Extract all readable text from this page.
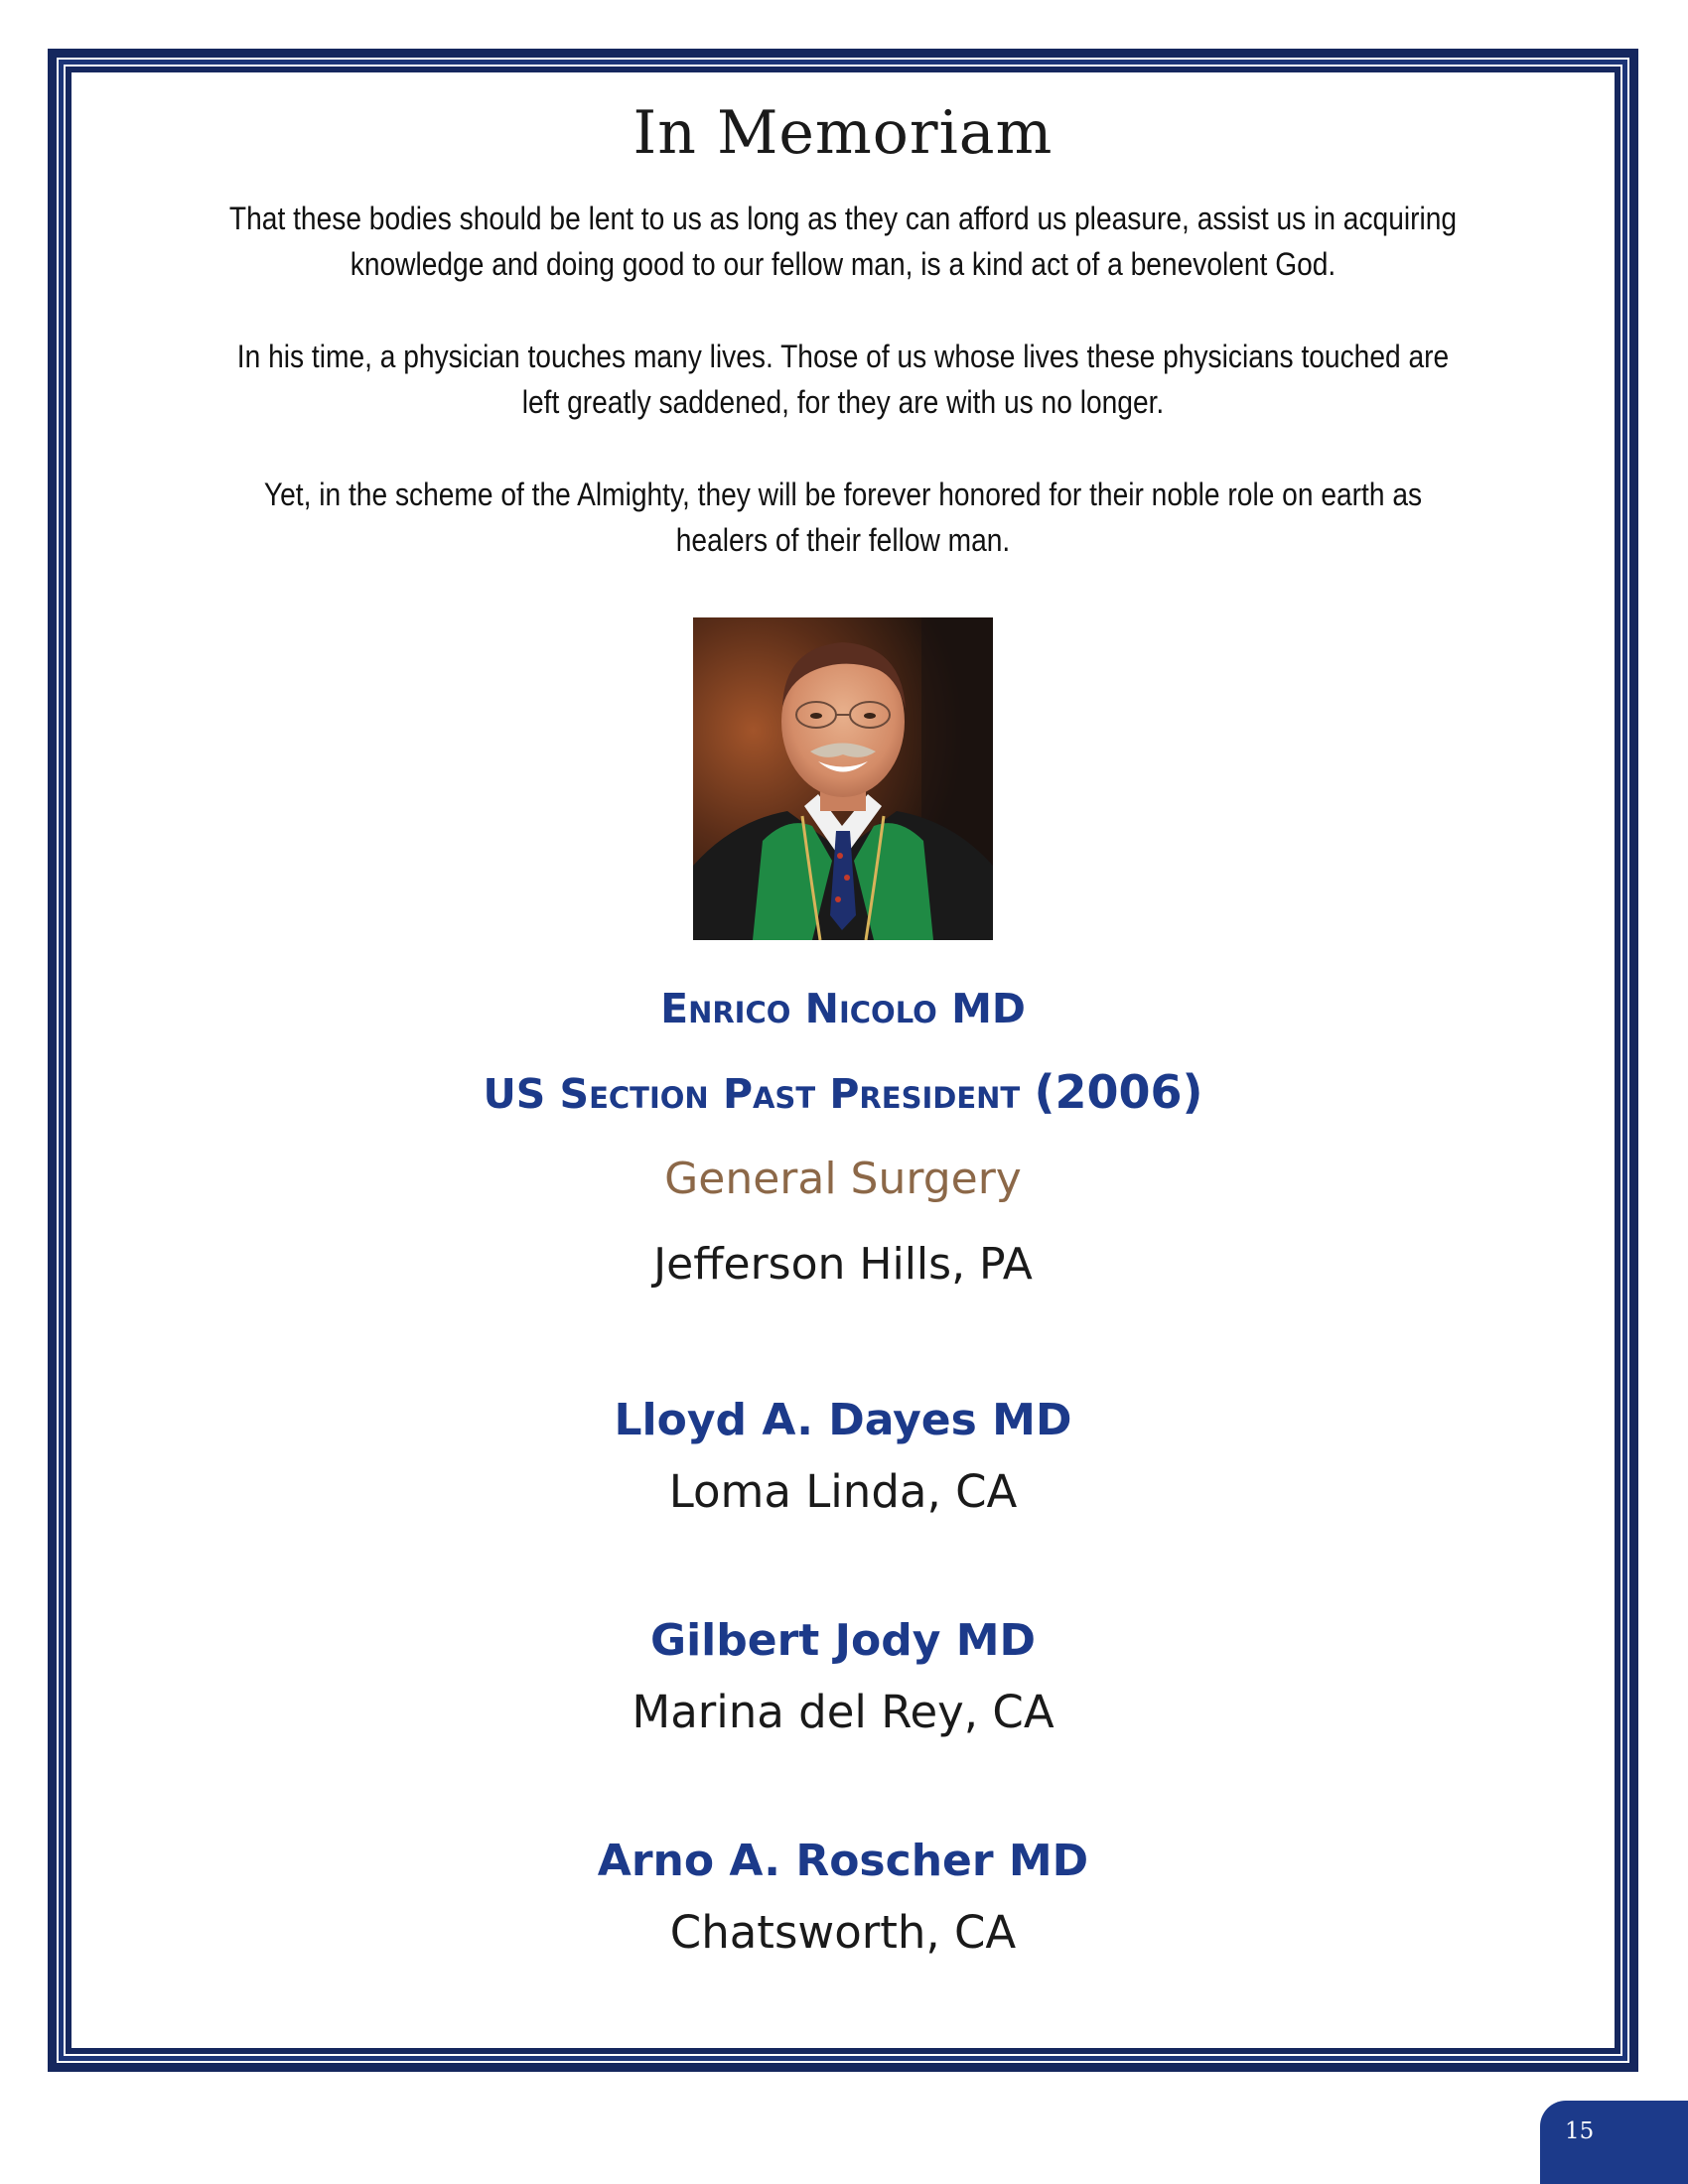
In Memoriam

That these bodies should be lent to us as long as they can afford us pleasure, assist us in acquiring knowledge and doing good to our fellow man, is a kind act of a benevolent God.

In his time, a physician touches many lives. Those of us whose lives these physicians touched are left greatly saddened, for they are with us no longer.

Yet, in the scheme of the Almighty, they will be forever honored for their noble role on earth as healers of their fellow man.

Enrico Nicolo MD

US Section Past President (2006)

General Surgery

Jefferson Hills, PA

Lloyd A. Dayes MD

Loma Linda, CA

Gilbert Jody MD

Marina del Rey, CA

Arno A. Roscher MD

Chatsworth, CA

15
